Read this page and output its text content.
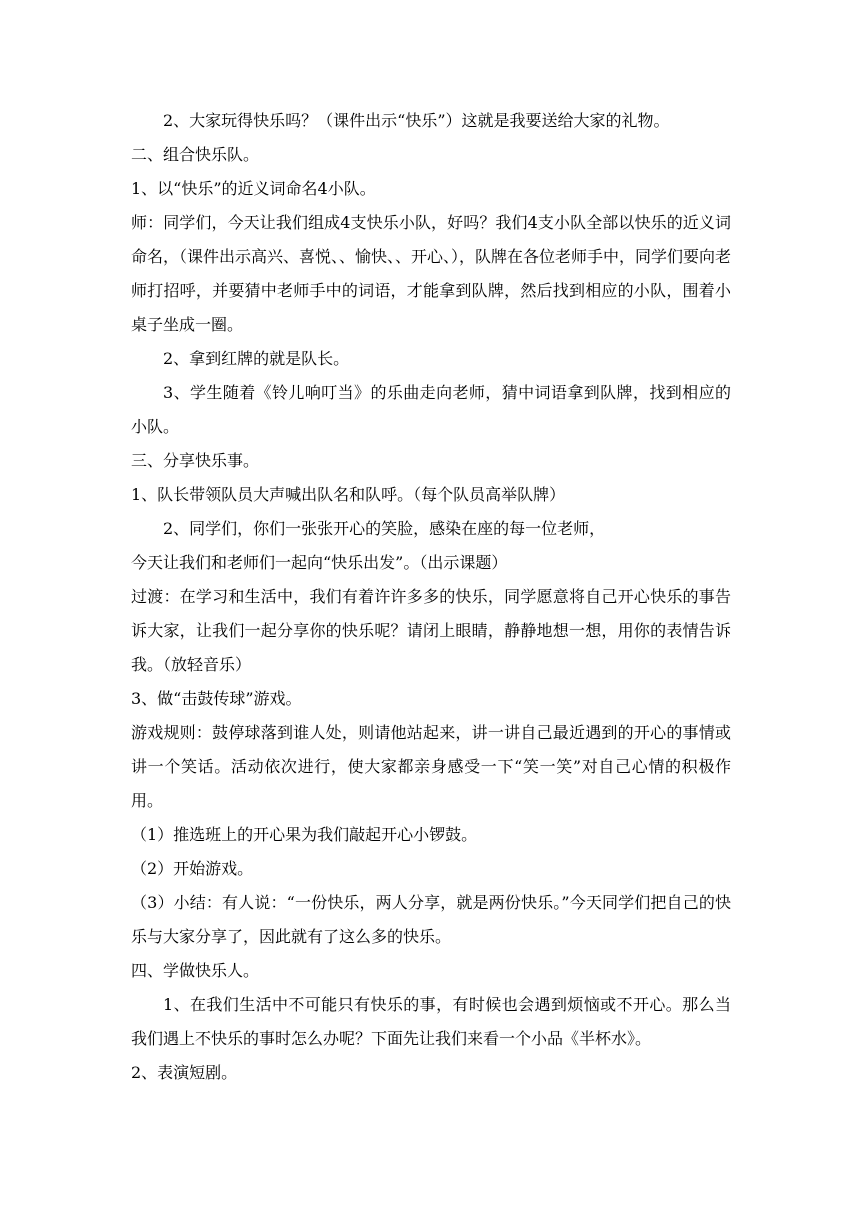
2、大家玩得快乐吗？（课件出示“快乐”）这就是我要送给大家的礼物。

二、组合快乐队。

1、以“快乐”的近义词命名4小队。

师：同学们，今天让我们组成4支快乐小队，好吗？我们4支小队全部以快乐的近义词命名，（课件出示高兴、喜悦、、愉快、、开心、），队牌在各位老师手中，同学们要向老师打招呼，并要猜中老师手中的词语，才能拿到队牌，然后找到相应的小队，围着小桌子坐成一圈。

2、拿到红牌的就是队长。

3、学生随着《铃儿响叮当》的乐曲走向老师，猜中词语拿到队牌，找到相应的小队。

三、分享快乐事。

1、队长带领队员大声喊出队名和队呼。（每个队员高举队牌）

2、同学们，你们一张张开心的笑脸，感染在座的每一位老师，

今天让我们和老师们一起向“快乐出发”。（出示课题）

过渡：在学习和生活中，我们有着许许多多的快乐，同学愿意将自己开心快乐的事告诉大家，让我们一起分享你的快乐呢？请闭上眼睛，静静地想一想，用你的表情告诉我。（放轻音乐）

3、做“击鼓传球”游戏。

游戏规则：鼓停球落到谁人处，则请他站起来，讲一讲自己最近遇到的开心的事情或讲一个笑话。活动依次进行，使大家都亲身感受一下“笑一笑”对自己心情的积极作用。

（1）推选班上的开心果为我们敲起开心小锣鼓。

（2）开始游戏。

（3）小结：有人说：“一份快乐，两人分享，就是两份快乐。”今天同学们把自己的快乐与大家分享了，因此就有了这么多的快乐。

四、学做快乐人。

1、在我们生活中不可能只有快乐的事，有时候也会遇到烦恼或不开心。那么当我们遇上不快乐的事时怎么办呢？下面先让我们来看一个小品《半杯水》。

2、表演短剧。
